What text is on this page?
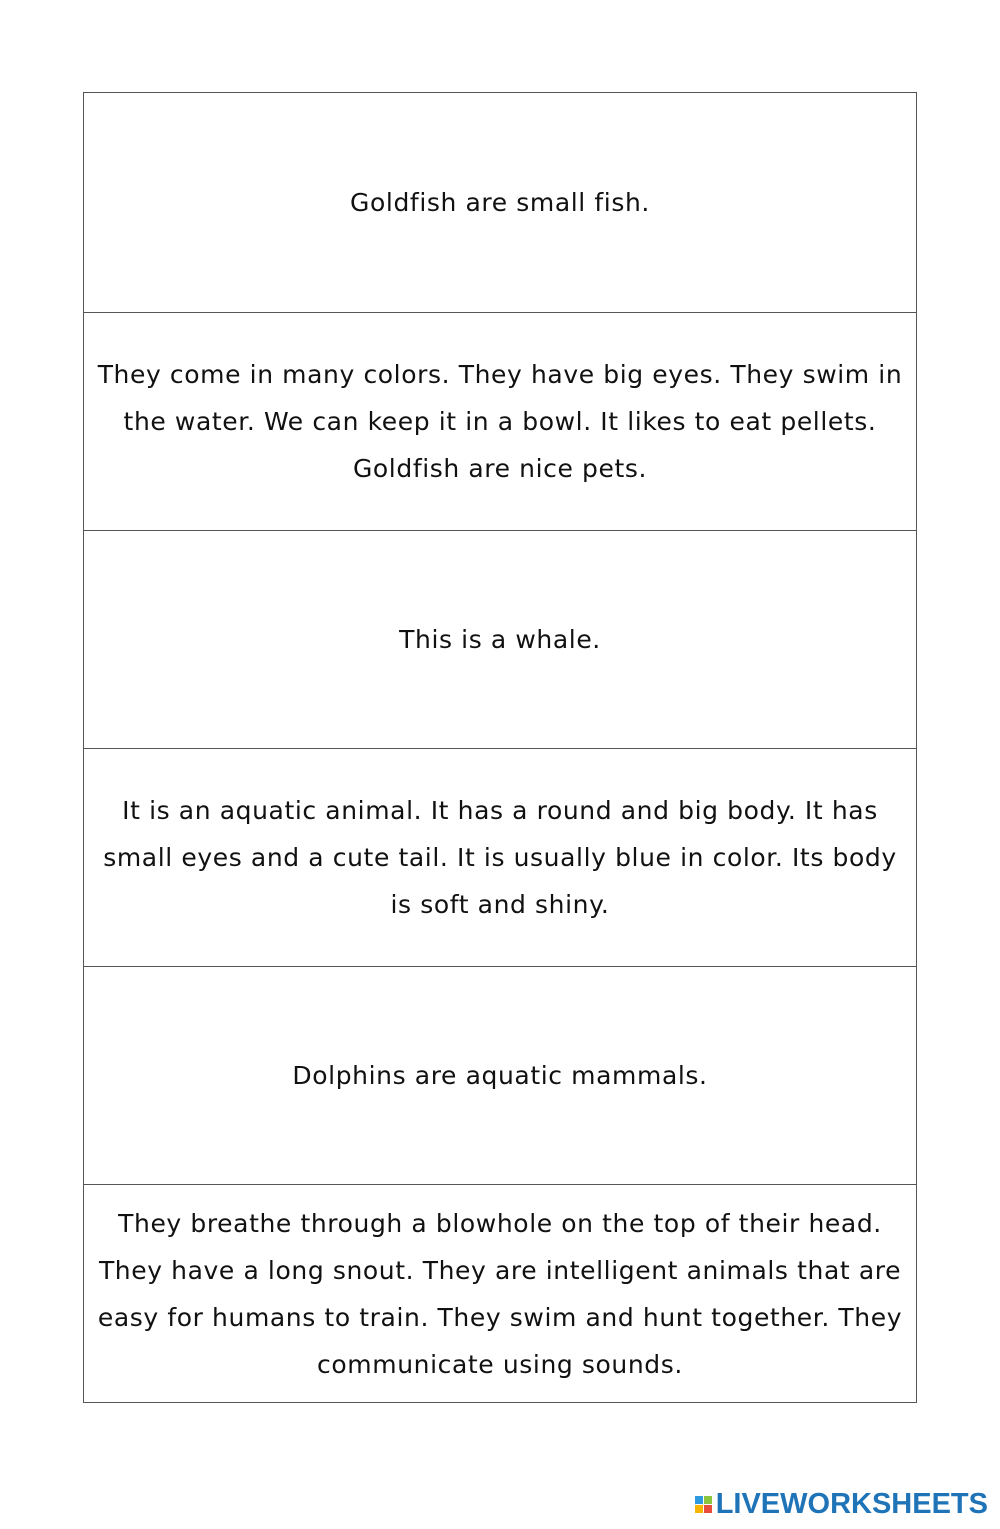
Goldfish are small fish.
They come in many colors. They have big eyes. They swim in the water. We can keep it in a bowl. It likes to eat pellets. Goldfish are nice pets.
This is a whale.
It is an aquatic animal. It has a round and big body. It has small eyes and a cute tail. It is usually blue in color. Its body is soft and shiny.
Dolphins are aquatic mammals.
They breathe through a blowhole on the top of their head. They have a long snout. They are intelligent animals that are easy for humans to train. They swim and hunt together. They communicate using sounds.
LIVEWORKSHEETS
